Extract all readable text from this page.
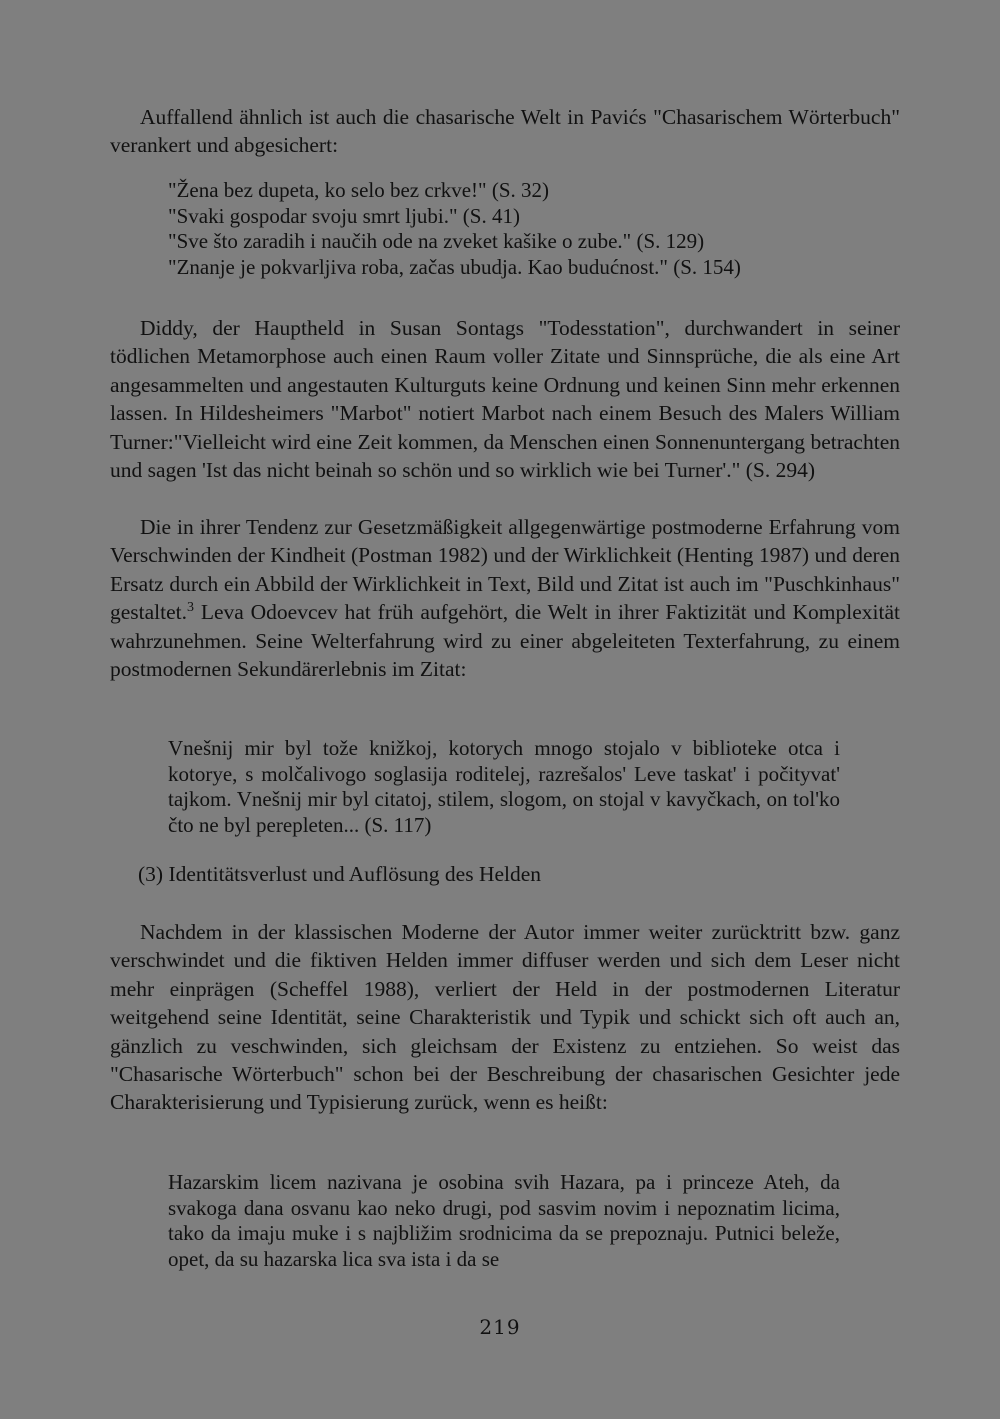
Auffallend ähnlich ist auch die chasarische Welt in Pavićs "Chasarischem Wörterbuch" verankert und abgesichert:

"Žena bez dupeta, ko selo bez crkve!" (S. 32)
"Svaki gospodar svoju smrt ljubi." (S. 41)
"Sve što zaradih i naučih ode na zveket kašike o zube." (S. 129)
"Znanje je pokvarljiva roba, začas ubudja. Kao budućnost." (S. 154)

Diddy, der Hauptheld in Susan Sontags "Todesstation", durchwandert in seiner tödlichen Metamorphose auch einen Raum voller Zitate und Sinnsprüche, die als eine Art angesammelten und angestauten Kulturguts keine Ordnung und keinen Sinn mehr erkennen lassen. In Hildesheimers "Marbot" notiert Marbot nach einem Besuch des Malers William Turner:"Vielleicht wird eine Zeit kommen, da Menschen einen Sonnenuntergang betrachten und sagen 'Ist das nicht beinah so schön und so wirklich wie bei Turner'." (S. 294)

Die in ihrer Tendenz zur Gesetzmäßigkeit allgegenwärtige postmoderne Erfahrung vom Verschwinden der Kindheit (Postman 1982) und der Wirklichkeit (Henting 1987) und deren Ersatz durch ein Abbild der Wirklichkeit in Text, Bild und Zitat ist auch im "Puschkinhaus" gestaltet.$^3$ Leva Odoevcev hat früh aufgehört, die Welt in ihrer Faktizität und Komplexität wahrzunehmen. Seine Welterfahrung wird zu einer abgeleiteten Texterfahrung, zu einem postmodernen Sekundärerlebnis im Zitat:

Vnešnij mir byl tože knižkoj, kotorych mnogo stojalo v biblioteke otca i kotorye, s molčalivogo soglasija roditelej, razrešalos' Leve taskat' i počityvat' tajkom. Vnešnij mir byl citatoj, stilem, slogom, on stojal v kavyčkach, on tol'ko čto ne byl perepleten... (S. 117)

(3) Identitätsverlust und Auflösung des Helden

Nachdem in der klassischen Moderne der Autor immer weiter zurücktritt bzw. ganz verschwindet und die fiktiven Helden immer diffuser werden und sich dem Leser nicht mehr einprägen (Scheffel 1988), verliert der Held in der postmodernen Literatur weitgehend seine Identität, seine Charakteristik und Typik und schickt sich oft auch an, gänzlich zu veschwinden, sich gleichsam der Existenz zu entziehen. So weist das "Chasarische Wörterbuch" schon bei der Beschreibung der chasarischen Gesichter jede Charakterisierung und Typisierung zurück, wenn es heißt:

Hazarskim licem nazivana je osobina svih Hazara, pa i princeze Ateh, da svakoga dana osvanu kao neko drugi, pod sasvim novim i nepoznatim licima, tako da imaju muke i s najbližim srodnicima da se prepoznaju. Putnici beleže, opet, da su hazarska lica sva ista i da se

219
